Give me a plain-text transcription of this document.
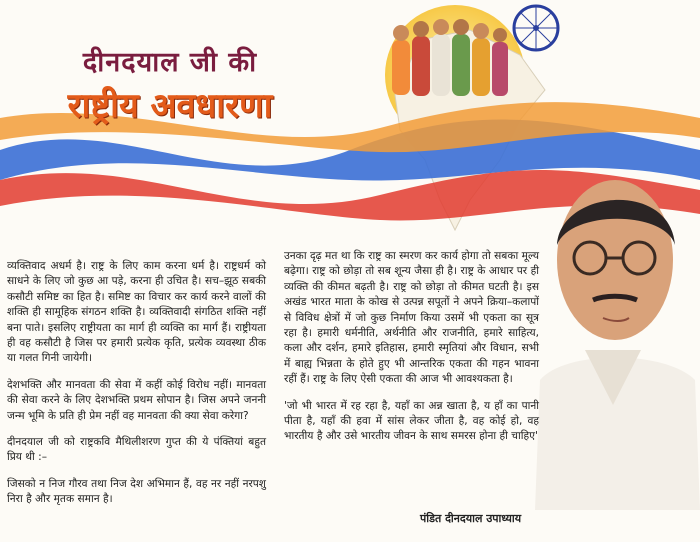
दीनदयाल जी की
राष्ट्रीय अवधारणा

व्यक्तिवाद अधर्म है। राष्ट्र के लिए काम करना धर्म है। राष्ट्रधर्म को साधने के लिए जो कुछ आ पड़े, करना ही उचित है। सच–झूठ सबकी कसौटी समिष्ट का हित है। समिष्ट का विचार कर कार्य करने वालों की शक्ति ही सामूहिक संगठन शक्ति है। व्यक्तिवादी संगठित शक्ति नहीं बना पाते। इसलिए राष्ट्रीयता का मार्ग ही व्यक्ति का मार्ग हैं। राष्ट्रीयता ही वह कसौटी है जिस पर हमारी प्रत्येक कृति, प्रत्येक व्यवस्था ठीक या गलत गिनी जायेगी।

देशभक्ति और मानवता की सेवा में कहीं कोई विरोध नहीं। मानवता की सेवा करने के लिए देशभक्ति प्रथम सोपान है। जिस अपने जननी जन्म भूमि के प्रति ही प्रेम नहीं वह मानवता की क्या सेवा करेगा?

दीनदयाल जी को राष्ट्रकवि मैथिलीशरण गुप्त की ये पंक्तियां बहुत प्रिय थी :–

जिसको न निज गौरव तथा निज देश अभिमान हैं, वह नर नहीं नरपशु निरा है और मृतक समान है।

उनका दृढ़ मत था कि राष्ट्र का स्मरण कर कार्य होगा तो सबका मूल्य बढ़ेगा। राष्ट्र को छोड़ा तो सब शून्य जैसा ही है। राष्ट्र के आधार पर ही व्यक्ति की कीमत बढ़ती है। राष्ट्र को छोड़ा तो कीमत घटती है। इस अखंड भारत माता के कोख से उत्पन्न सपूतों ने अपने क्रिया–कलापों से विविध क्षेत्रों में जो कुछ निर्माण किया उसमें भी एकता का सूत्र रहा है। हमारी धर्मनीति, अर्थनीति और राजनीति, हमारे साहित्य, कला और दर्शन, हमारे इतिहास, हमारी स्मृतियां और विधान, सभी में बाह्य भिन्नता के होते हुए भी आन्तरिक एकता की गहन भावना रहीं हैं। राष्ट्र के लिए ऐसी एकता की आज भी आवश्यकता है।

'जो भी भारत में रह रहा है, यहाँ का अन्न खाता है, य हाँ का पानी पीता है, यहाँ की हवा में सांस लेकर जीता है, वह कोई हो, वह भारतीय है और उसे भारतीय जीवन के साथ समरस होना ही चाहिए'

पंडित दीनदयाल उपाध्याय
